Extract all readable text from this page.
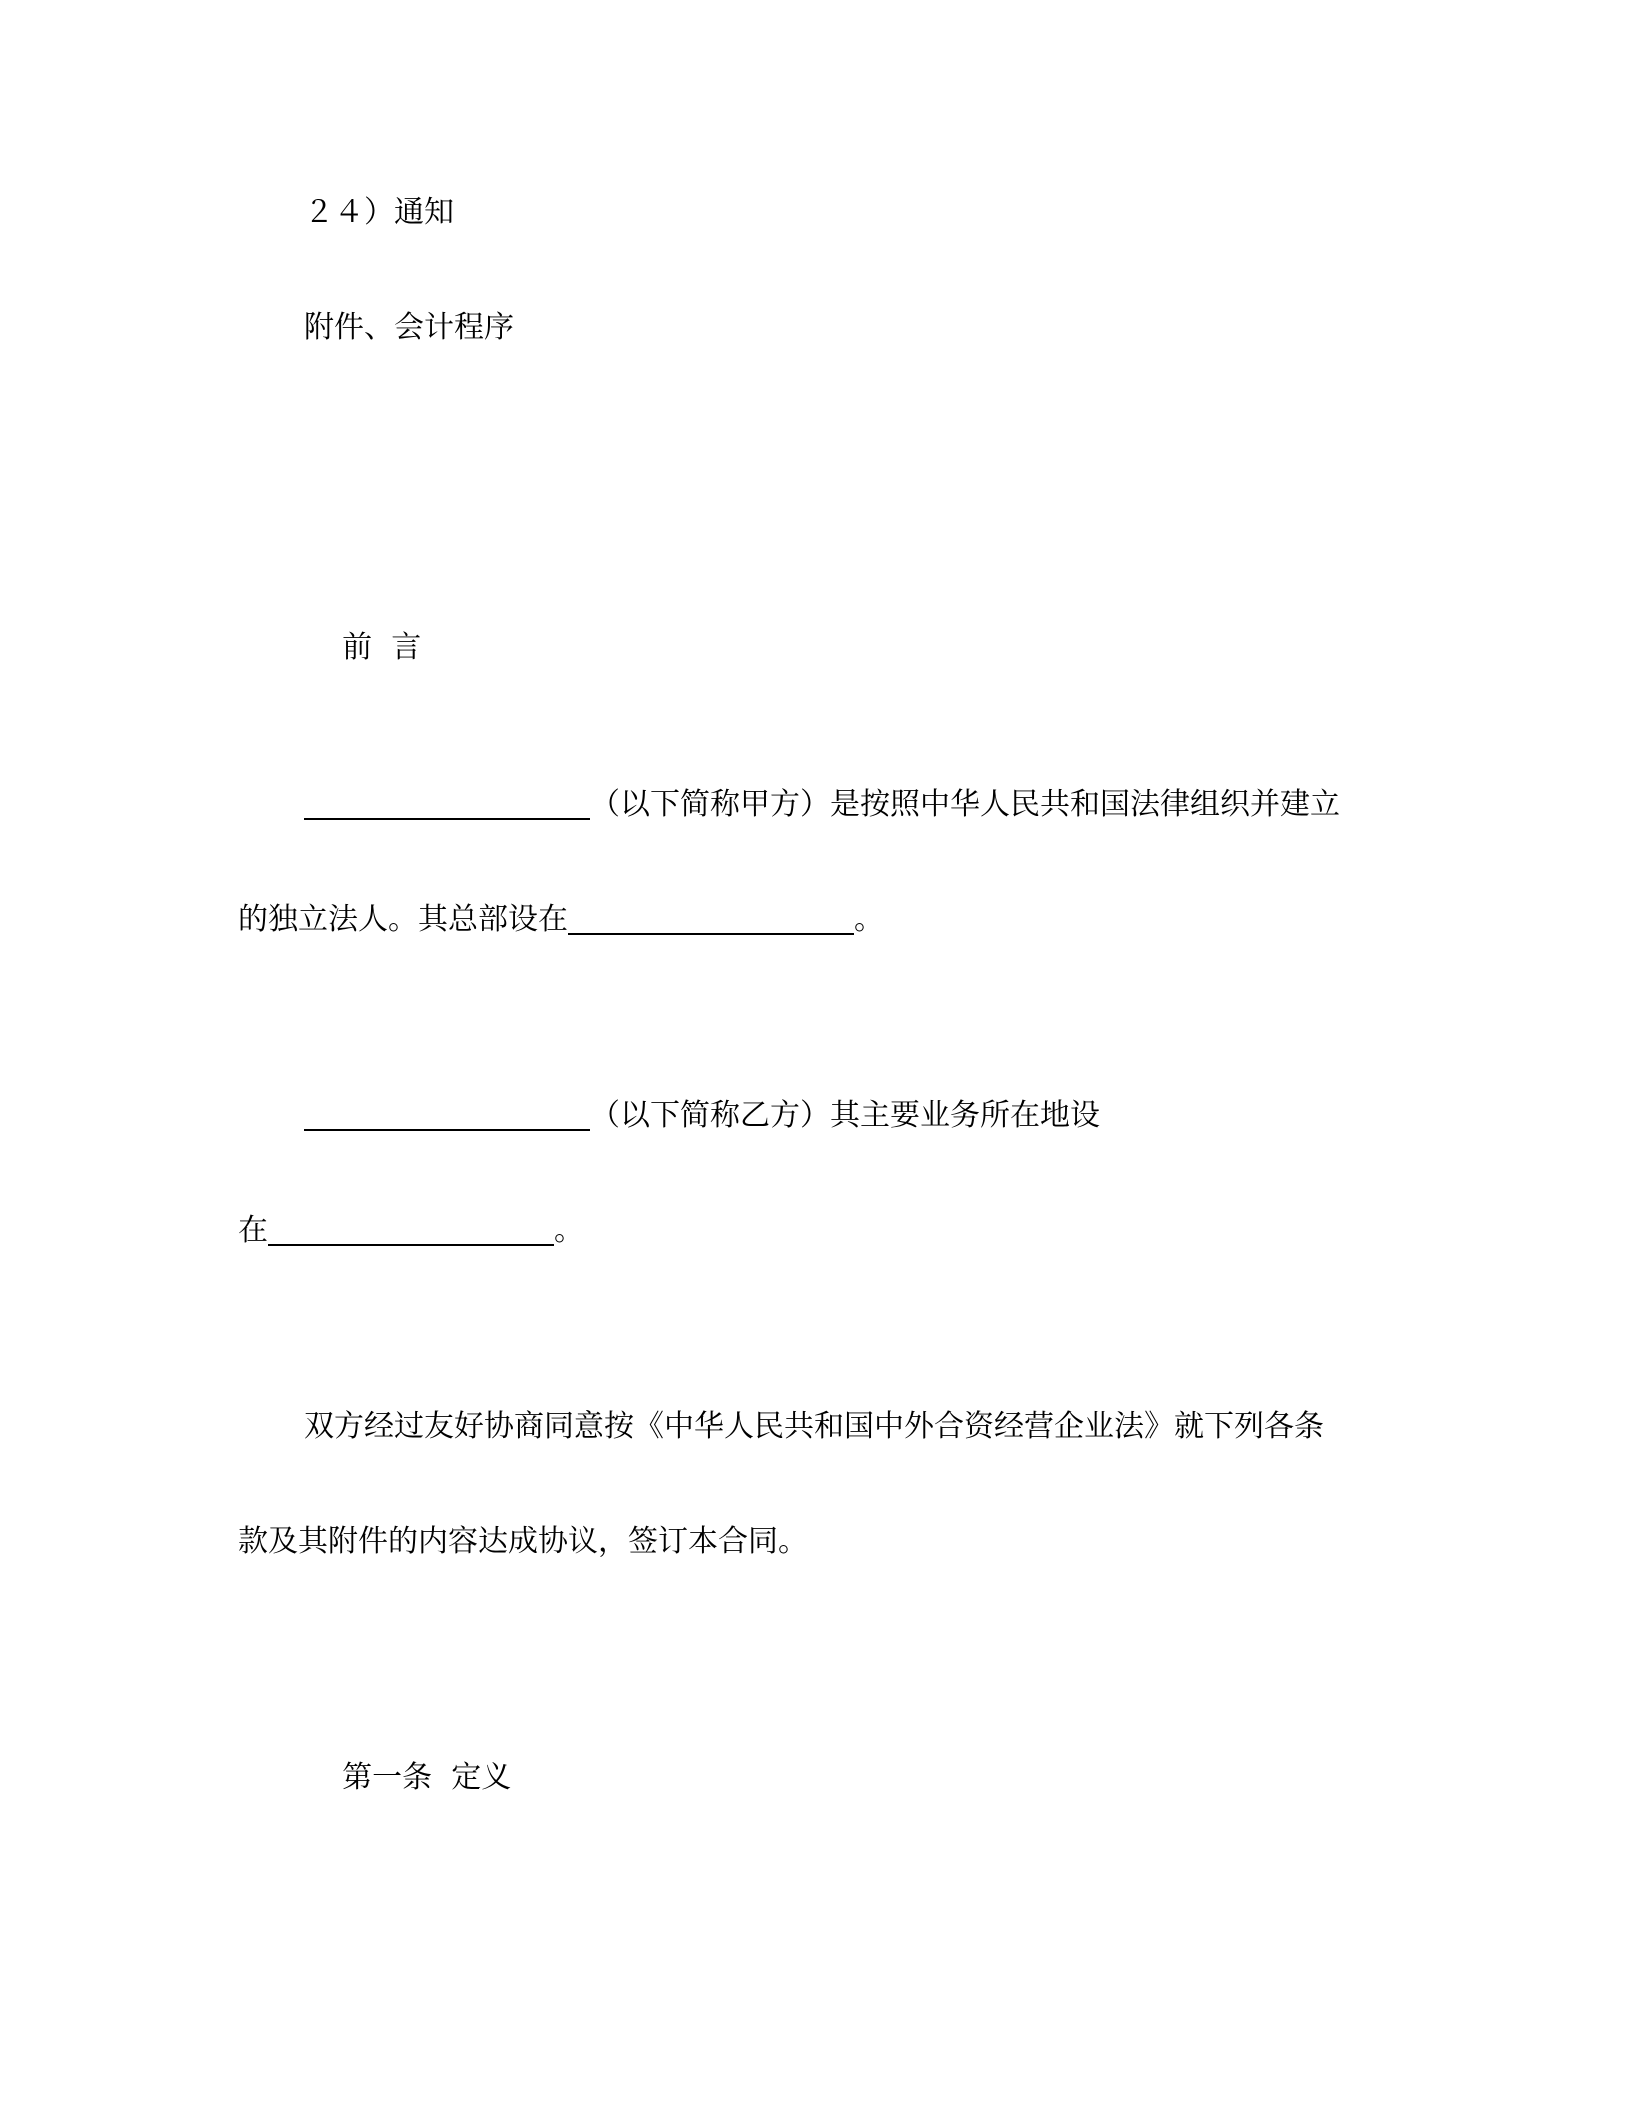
２４）通知
附件、会计程序

前  言

（以下简称甲方）是按照中华人民共和国法律组织并建立
的独立法人。其总部设在	。
（以下简称乙方）其主要业务所在地设
在	。
双方经过友好协商同意按《中华人民共和国中外合资经营企业法》就下列各条
款及其附件的内容达成协议，签订本合同。

第一条  定义
